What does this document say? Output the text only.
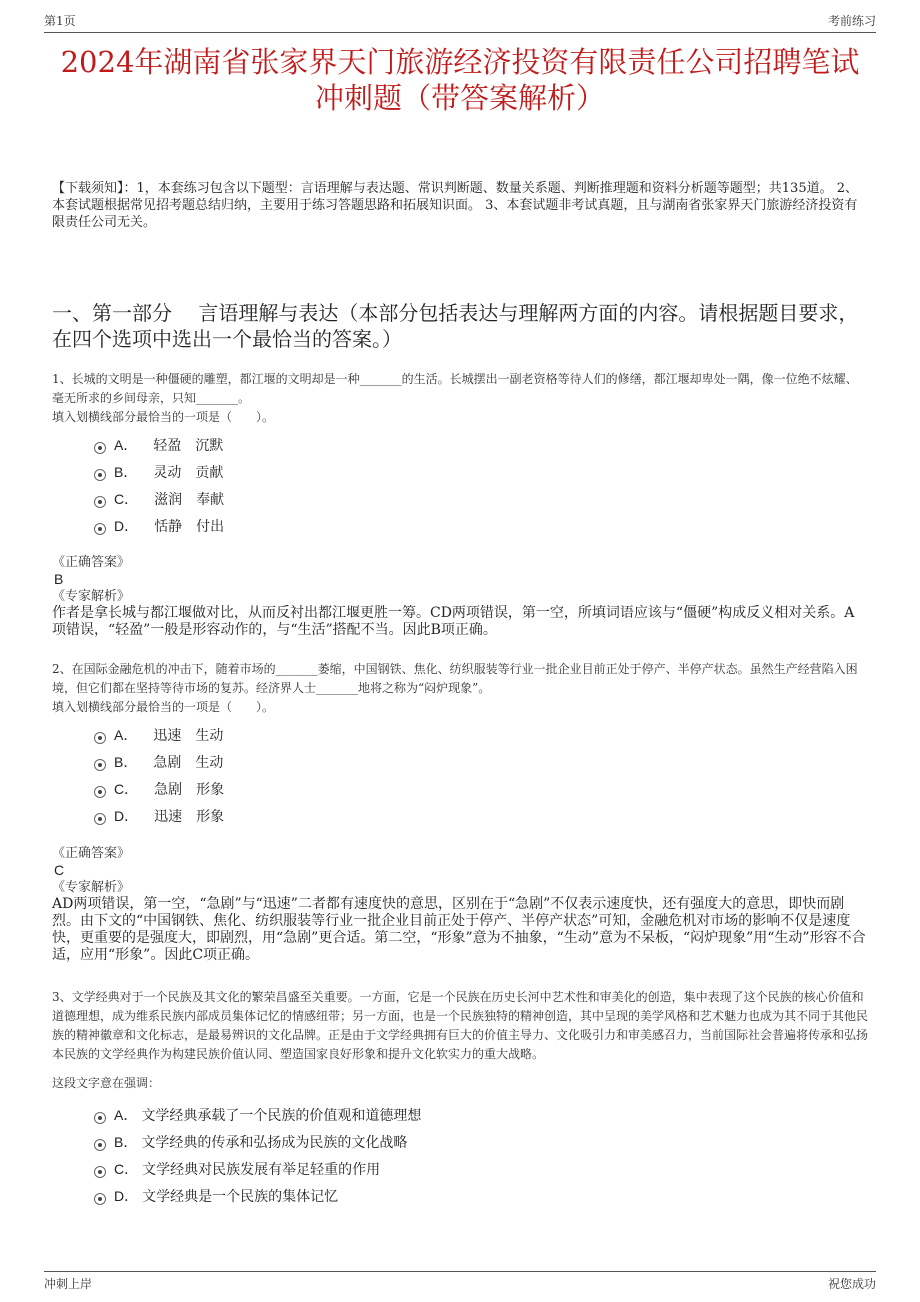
第1页	考前练习
2024年湖南省张家界天门旅游经济投资有限责任公司招聘笔试
冲刺题（带答案解析）
【下载须知】：1，本套练习包含以下题型：言语理解与表达题、常识判断题、数量关系题、判断推理题和资料分析题等题型；共135道。 2、本套试题根据常见招考题总结归纳，主要用于练习答题思路和拓展知识面。 3、本套试题非考试真题，且与湖南省张家界天门旅游经济投资有限责任公司无关。
一、第一部分　 言语理解与表达（本部分包括表达与理解两方面的内容。请根据题目要求，在四个选项中选出一个最恰当的答案。）
1、长城的文明是一种僵硬的雕塑，都江堰的文明却是一种_______的生活。长城摆出一副老资格等待人们的修缮，都江堰却卑处一隅，像一位绝不炫耀、毫无所求的乡间母亲，只知_______。
填入划横线部分最恰当的一项是（　　）。
A． 轻盈　沉默
B． 灵动　贡献
C． 滋润　奉献
D． 恬静　付出
《正确答案》
B
《专家解析》
作者是拿长城与都江堰做对比，从而反衬出都江堰更胜一筹。CD两项错误，第一空，所填词语应该与“僵硬”构成反义相对关系。A项错误，“轻盈”一般是形容动作的，与“生活”搭配不当。因此B项正确。
2、在国际金融危机的冲击下，随着市场的_______萎缩，中国钢铁、焦化、纺织服装等行业一批企业目前正处于停产、半停产状态。虽然生产经营陷入困境，但它们都在坚持等待市场的复苏。经济界人士_______地将之称为“闷炉现象”。
填入划横线部分最恰当的一项是（　　）。
A． 迅速　生动
B． 急剧　生动
C． 急剧　形象
D． 迅速　形象
《正确答案》
C
《专家解析》
AD两项错误，第一空，“急剧”与“迅速”二者都有速度快的意思，区别在于“急剧”不仅表示速度快，还有强度大的意思，即快而剧烈。由下文的“中国钢铁、焦化、纺织服装等行业一批企业目前正处于停产、半停产状态”可知，金融危机对市场的影响不仅是速度快，更重要的是强度大，即剧烈，用“急剧”更合适。第二空，“形象”意为不抽象，“生动”意为不呆板，“闷炉现象”用“生动”形容不合适，应用“形象”。因此C项正确。
3、文学经典对于一个民族及其文化的繁荣昌盛至关重要。一方面，它是一个民族在历史长河中艺术性和审美化的创造，集中表现了这个民族的核心价值和道德理想，成为维系民族内部成员集体记忆的情感纽带；另一方面，也是一个民族独特的精神创造，其中呈现的美学风格和艺术魅力也成为其不同于其他民族的精神徽章和文化标志，是最易辨识的文化品牌。正是由于文学经典拥有巨大的价值主导力、文化吸引力和审美感召力，当前国际社会普遍将传承和弘扬本民族的文学经典作为构建民族价值认同、塑造国家良好形象和提升文化软实力的重大战略。
这段文字意在强调：
A． 文学经典承载了一个民族的价值观和道德理想
B． 文学经典的传承和弘扬成为民族的文化战略
C． 文学经典对民族发展有举足轻重的作用
D． 文学经典是一个民族的集体记忆
冲刺上岸	祝您成功
